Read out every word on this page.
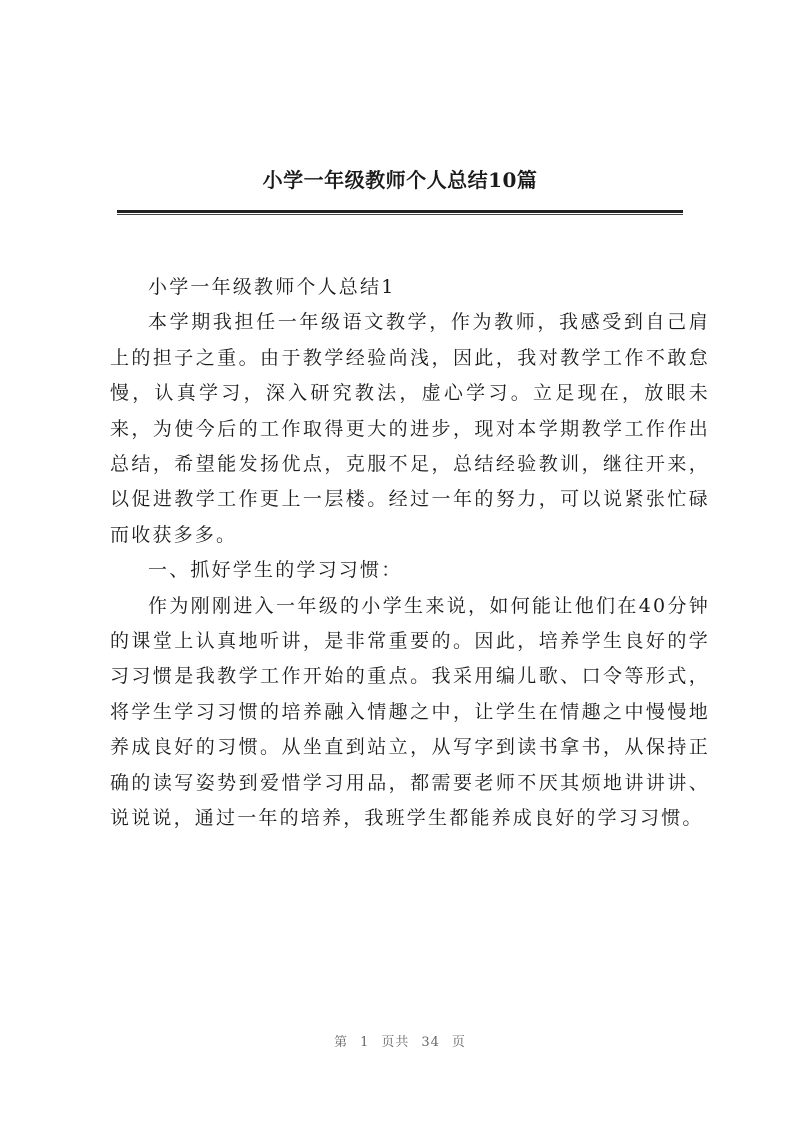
小学一年级教师个人总结10篇

小学一年级教师个人总结1

本学期我担任一年级语文教学，作为教师，我感受到自己肩上的担子之重。由于教学经验尚浅，因此，我对教学工作不敢怠慢，认真学习，深入研究教法，虚心学习。立足现在，放眼未来，为使今后的工作取得更大的进步，现对本学期教学工作作出总结，希望能发扬优点，克服不足，总结经验教训，继往开来，以促进教学工作更上一层楼。经过一年的努力，可以说紧张忙碌而收获多多。

一、抓好学生的学习习惯：

作为刚刚进入一年级的小学生来说，如何能让他们在40分钟的课堂上认真地听讲，是非常重要的。因此，培养学生良好的学习习惯是我教学工作开始的重点。我采用编儿歌、口令等形式，将学生学习习惯的培养融入情趣之中，让学生在情趣之中慢慢地养成良好的习惯。从坐直到站立，从写字到读书拿书，从保持正确的读写姿势到爱惜学习用品，都需要老师不厌其烦地讲讲讲、说说说，通过一年的培养，我班学生都能养成良好的学习习惯。

第 1 页共 34 页
